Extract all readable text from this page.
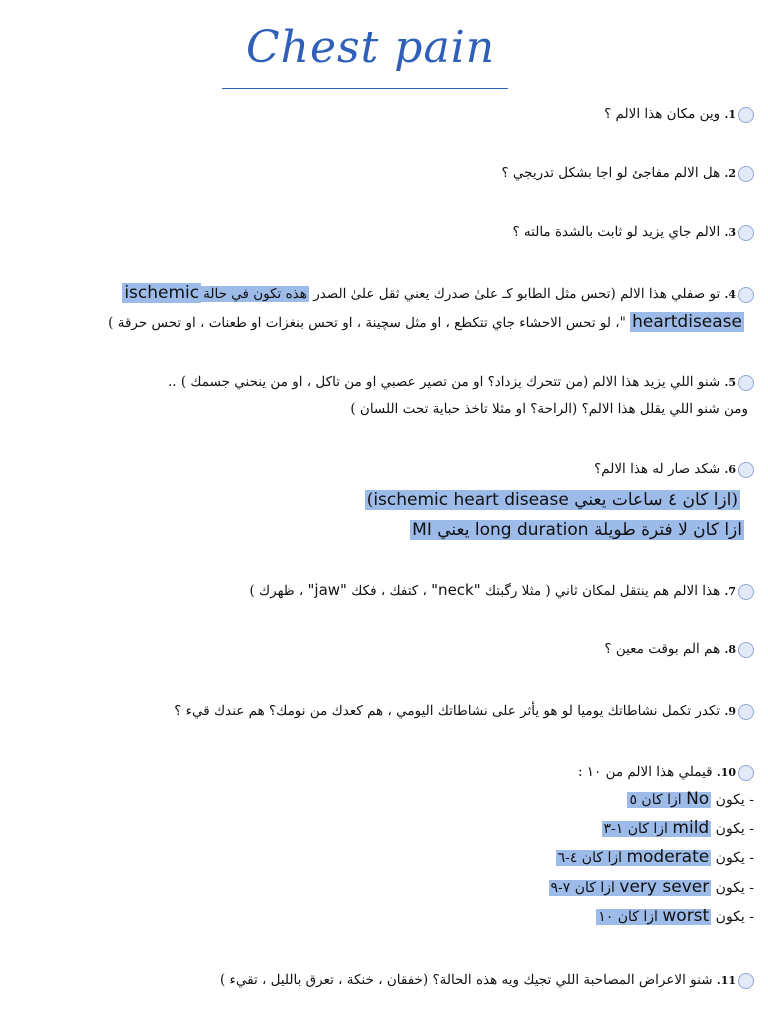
Chest pain
1. وين مكان هذا الالم ؟
2. هل الالم مفاجئ لو اجا بشكل تدريجي ؟
3. الالم جاي يزيد لو ثابت بالشدة مالته ؟
4. تو صفلي هذا الالم (تحس مثل الطابو كـ علىٰ صدرك يعني ثقل علىٰ الصدر هذه تكون في حالةischemic
heartdisease "، لو تحس الاحشاء جاي تتكطع ، او مثل سچينة ، او تحس بنغزات او طعنات ، او تحس حرقة )
5. شنو اللي يزيد هذا الالم (من تتحرك يزداد؟ او من تصير عصبي او من تاكل ، او من ينحني جسمك ) ..
ومن شنو اللي يقلل هذا الالم؟ (الراحة؟ او مثلا تاخذ حباية تحت اللسان )
6. شكد صار له هذا الالم؟
(ازا كان ٤ ساعات يعني ischemic heart disease)
ازا كان لا فترة طويلة long duration يعني MI
7. هذا الالم هم ينتقل لمكان ثاني ( مثلا رگبتك "neck" ، كتفك ، فكك "jaw" ، ظهرك )
8. هم الم بوقت معين ؟
9. تكدر تكمل نشاطاتك يوميا لو هو يأثر على نشاطاتك اليومي ، هم كعدك من نومك؟ هم عندك قيء ؟
10. قيملي هذا الالم من ١٠ :
- يكون No ازا كان ٥
- يكون mild ازا كان ١-٣
- يكون moderate ازا كان ٤-٦
- يكون very sever ازا كان ٧-٩
- يكون worst ازا كان ١٠
11. شنو الاعراض المصاحبة اللي تجيك ويه هذه الحالة؟ (خفقان ، خنكة ، تعرق بالليل ، تقيء )
